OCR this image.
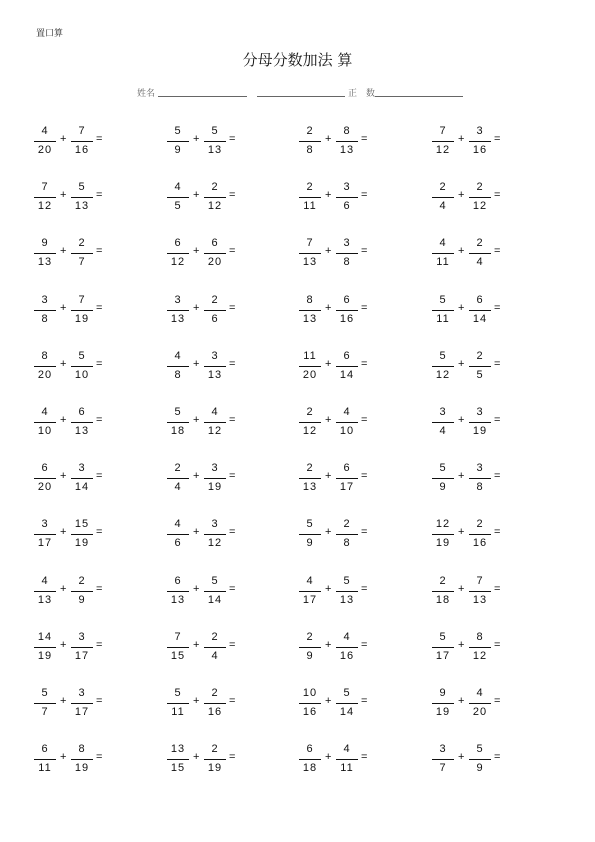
置口算
分母分数加法 算
姓名	正　数
4
20
+
7
16
=
7
12
+
5
13
=
9
13
+
2
7
=
3
8
+
7
19
=
8
20
+
5
10
=
4
10
+
6
13
=
6
20
+
3
14
=
3
17
+
15
19
=
4
13
+
2
9
=
14
19
+
3
17
=
5
7
+
3
17
=
6
11
+
8
19
=
5
9
+
5
13
=
4
5
+
2
12
=
6
12
+
6
20
=
3
13
+
2
6
=
4
8
+
3
13
=
5
18
+
4
12
=
2
4
+
3
19
=
4
6
+
3
12
=
6
13
+
5
14
=
7
15
+
2
4
=
5
11
+
2
16
=
13
15
+
2
19
=
2
8
+
8
13
=
2
11
+
3
6
=
7
13
+
3
8
=
8
13
+
6
16
=
11
20
+
6
14
=
2
12
+
4
10
=
2
13
+
6
17
=
5
9
+
2
8
=
4
17
+
5
13
=
2
9
+
4
16
=
10
16
+
5
14
=
6
18
+
4
11
=
7
12
+
3
16
=
2
4
+
2
12
=
4
11
+
2
4
=
5
11
+
6
14
=
5
12
+
2
5
=
3
4
+
3
19
=
5
9
+
3
8
=
12
19
+
2
16
=
2
18
+
7
13
=
5
17
+
8
12
=
9
19
+
4
20
=
3
7
+
5
9
=
